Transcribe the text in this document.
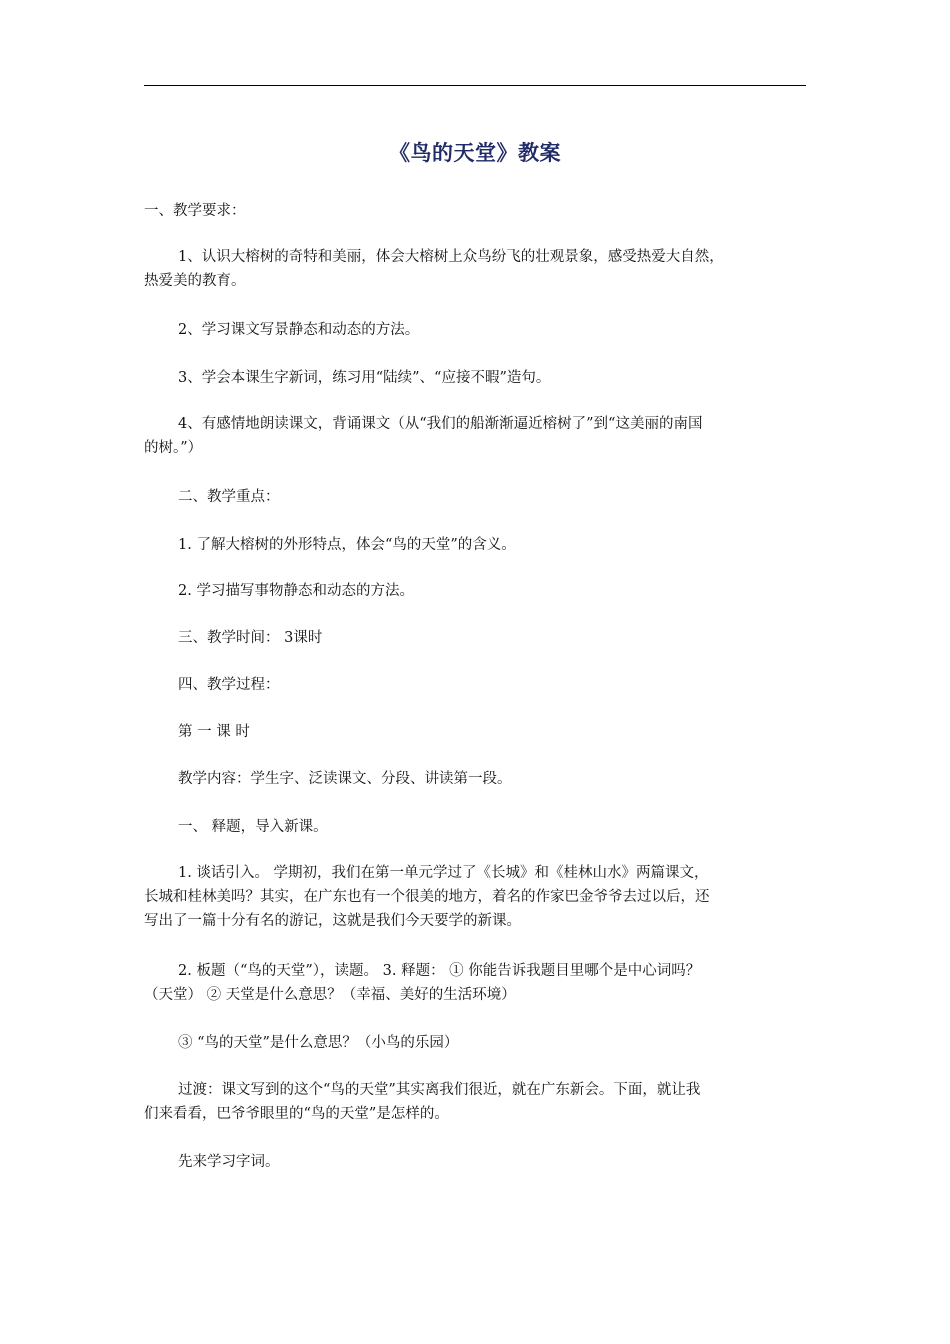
《鸟的天堂》教案

一、教学要求：

1、认识大榕树的奇特和美丽，体会大榕树上众鸟纷飞的壮观景象，感受热爱大自然，
热爱美的教育。

2、学习课文写景静态和动态的方法。

3、学会本课生字新词，练习用“陆续”、“应接不暇”造句。

4、有感情地朗读课文，背诵课文（从“我们的船渐渐逼近榕树了”到“这美丽的南国
的树。”）

二、教学重点：

1. 了解大榕树的外形特点，体会“鸟的天堂”的含义。

2. 学习描写事物静态和动态的方法。

三、教学时间： 3课时

四、教学过程：

第 一 课 时

教学内容：学生字、泛读课文、分段、讲读第一段。

一、 释题，导入新课。

1. 谈话引入。 学期初，我们在第一单元学过了《长城》和《桂林山水》两篇课文，
长城和桂林美吗？其实，在广东也有一个很美的地方，着名的作家巴金爷爷去过以后，还
写出了一篇十分有名的游记，这就是我们今天要学的新课。

2. 板题（“鸟的天堂”），读题。 3. 释题： ① 你能告诉我题目里哪个是中心词吗？
（天堂） ② 天堂是什么意思？（幸福、美好的生活环境）

③ “鸟的天堂”是什么意思？（小鸟的乐园）

过渡：课文写到的这个“鸟的天堂”其实离我们很近，就在广东新会。下面，就让我
们来看看，巴爷爷眼里的“鸟的天堂”是怎样的。

先来学习字词。
